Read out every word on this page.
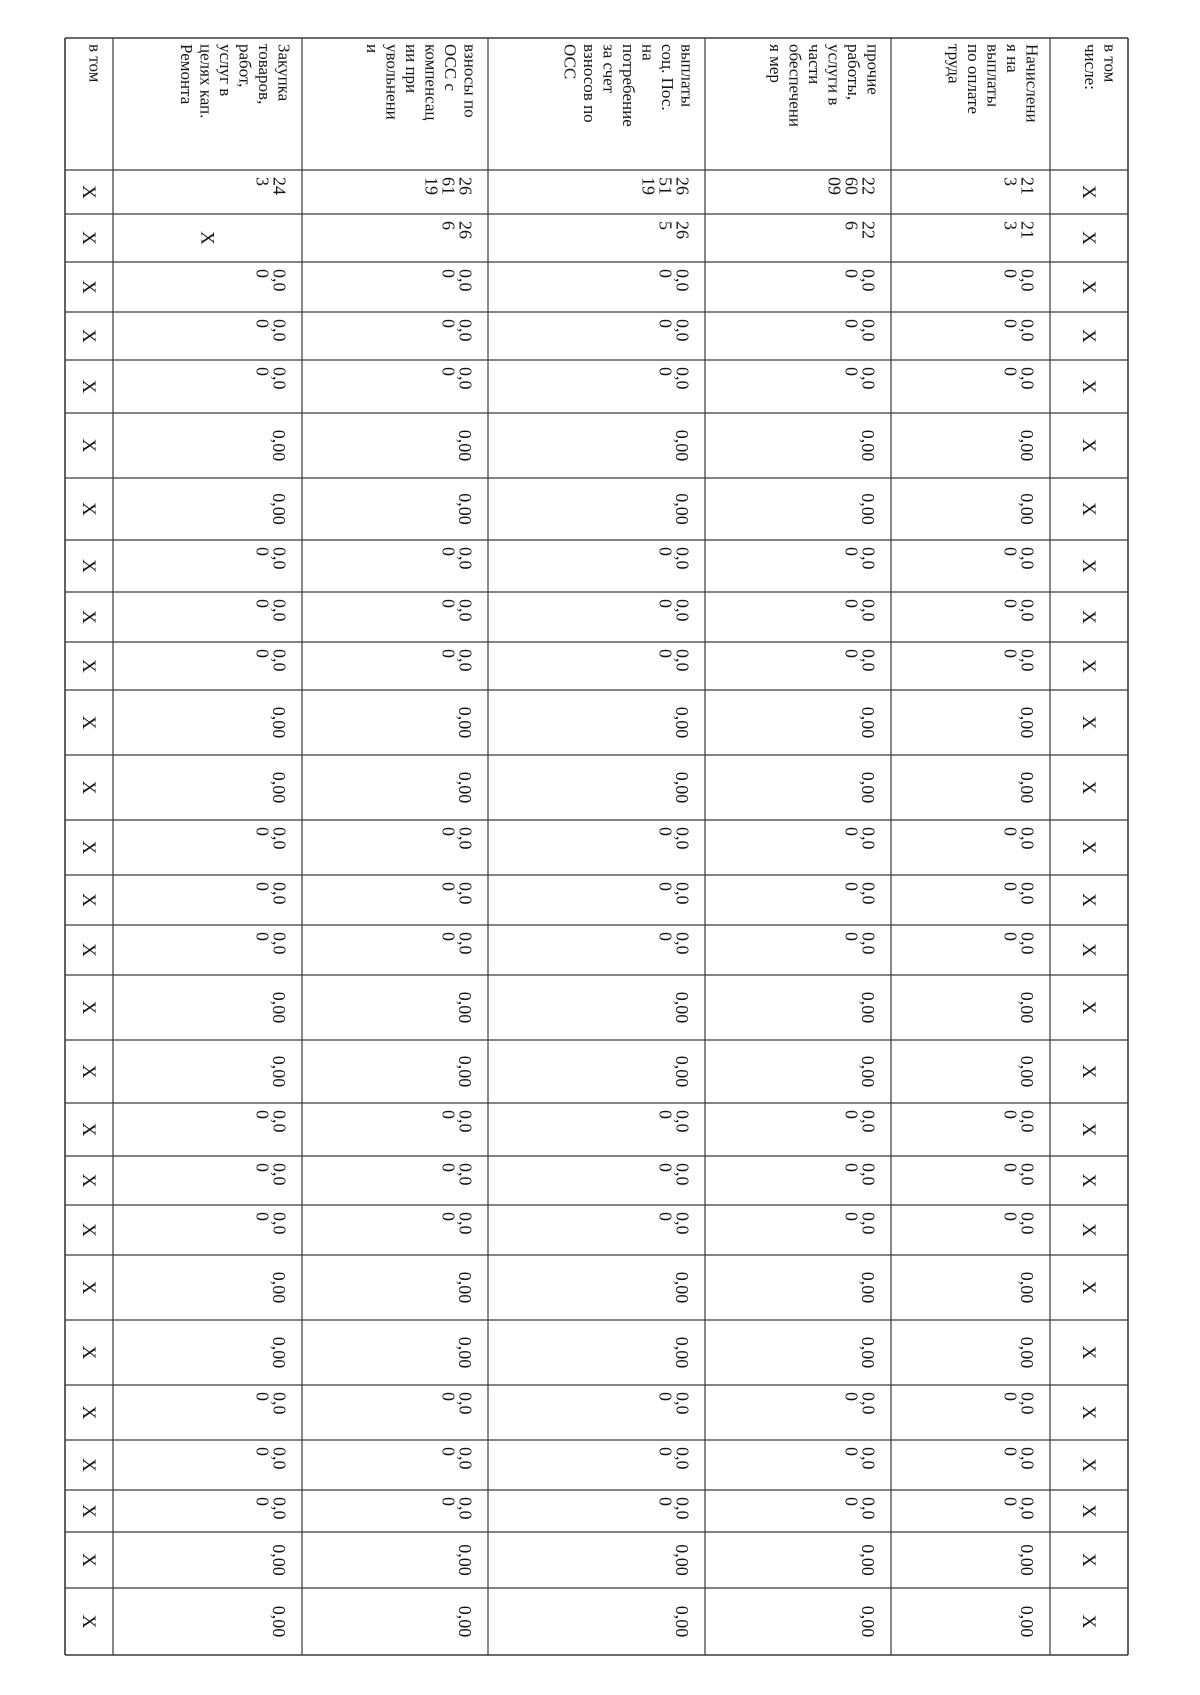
в томчисле:
Начисления навыплатыпо оплатетруда
прочиеработы,услуги вчастиобеспечения мер
выплатысоц. Пос.напотребениеза счетвзносов поОСС
взносы поОСС скомпенсации приувольнении
Закупкатоваров,работ,услуг вцелях кап.Ремонта
в том
X
213
226009
265119
266119
243
X
X
213
226
265
266
X
X
X
0,00
0,00
0,00
0,00
0,00
X
X
0,00
0,00
0,00
0,00
0,00
X
X
0,00
0,00
0,00
0,00
0,00
X
X
0,00
0,00
0,00
0,00
0,00
X
X
0,00
0,00
0,00
0,00
0,00
X
X
0,00
0,00
0,00
0,00
0,00
X
X
0,00
0,00
0,00
0,00
0,00
X
X
0,00
0,00
0,00
0,00
0,00
X
X
0,00
0,00
0,00
0,00
0,00
X
X
0,00
0,00
0,00
0,00
0,00
X
X
0,00
0,00
0,00
0,00
0,00
X
X
0,00
0,00
0,00
0,00
0,00
X
X
0,00
0,00
0,00
0,00
0,00
X
X
0,00
0,00
0,00
0,00
0,00
X
X
0,00
0,00
0,00
0,00
0,00
X
X
0,00
0,00
0,00
0,00
0,00
X
X
0,00
0,00
0,00
0,00
0,00
X
X
0,00
0,00
0,00
0,00
0,00
X
X
0,00
0,00
0,00
0,00
0,00
X
X
0,00
0,00
0,00
0,00
0,00
X
X
0,00
0,00
0,00
0,00
0,00
X
X
0,00
0,00
0,00
0,00
0,00
X
X
0,00
0,00
0,00
0,00
0,00
X
X
0,00
0,00
0,00
0,00
0,00
X
X
0,00
0,00
0,00
0,00
0,00
X
